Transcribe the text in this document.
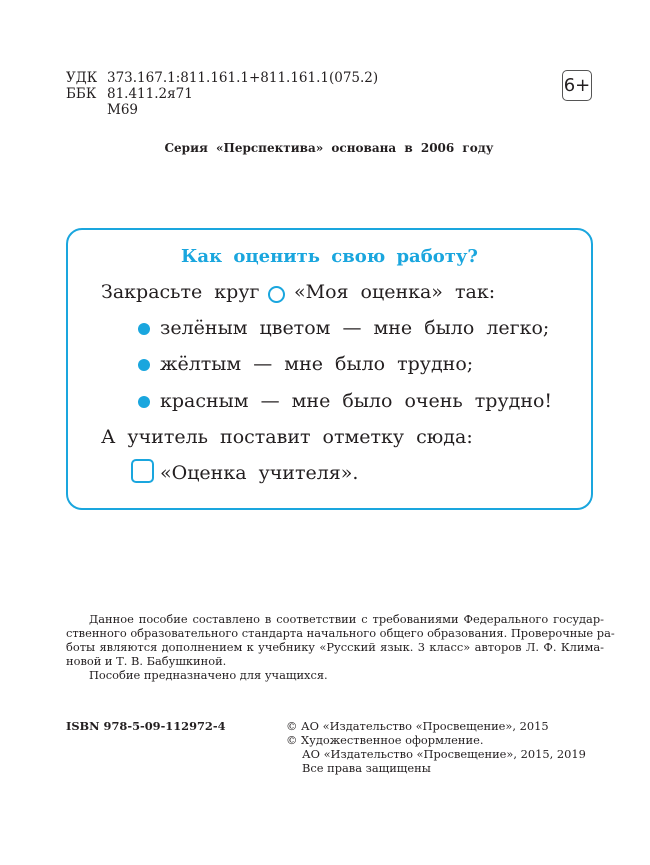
УДК 373.167.1:811.161.1+811.161.1(075.2)
ББК 81.411.2я71
М69
6+
Серия «Перспектива» основана в 2006 году
Как оценить свою работу?
Закрасьте круг «Моя оценка» так:
зелёным цветом — мне было легко;
жёлтым — мне было трудно;
красным — мне было очень трудно!
А учитель поставит отметку сюда:
«Оценка учителя».
Данное пособие составлено в соответствии с требованиями Федерального государ-
ственного образовательного стандарта начального общего образования. Проверочные ра-
боты являются дополнением к учебнику «Русский язык. 3 класс» авторов Л. Ф. Клима-
новой и Т. В. Бабушкиной.
Пособие предназначено для учащихся.
ISBN 978-5-09-112972-4	© АО «Издательство «Просвещение», 2015
© Художественное оформление.
АО «Издательство «Просвещение», 2015, 2019
Все права защищены
